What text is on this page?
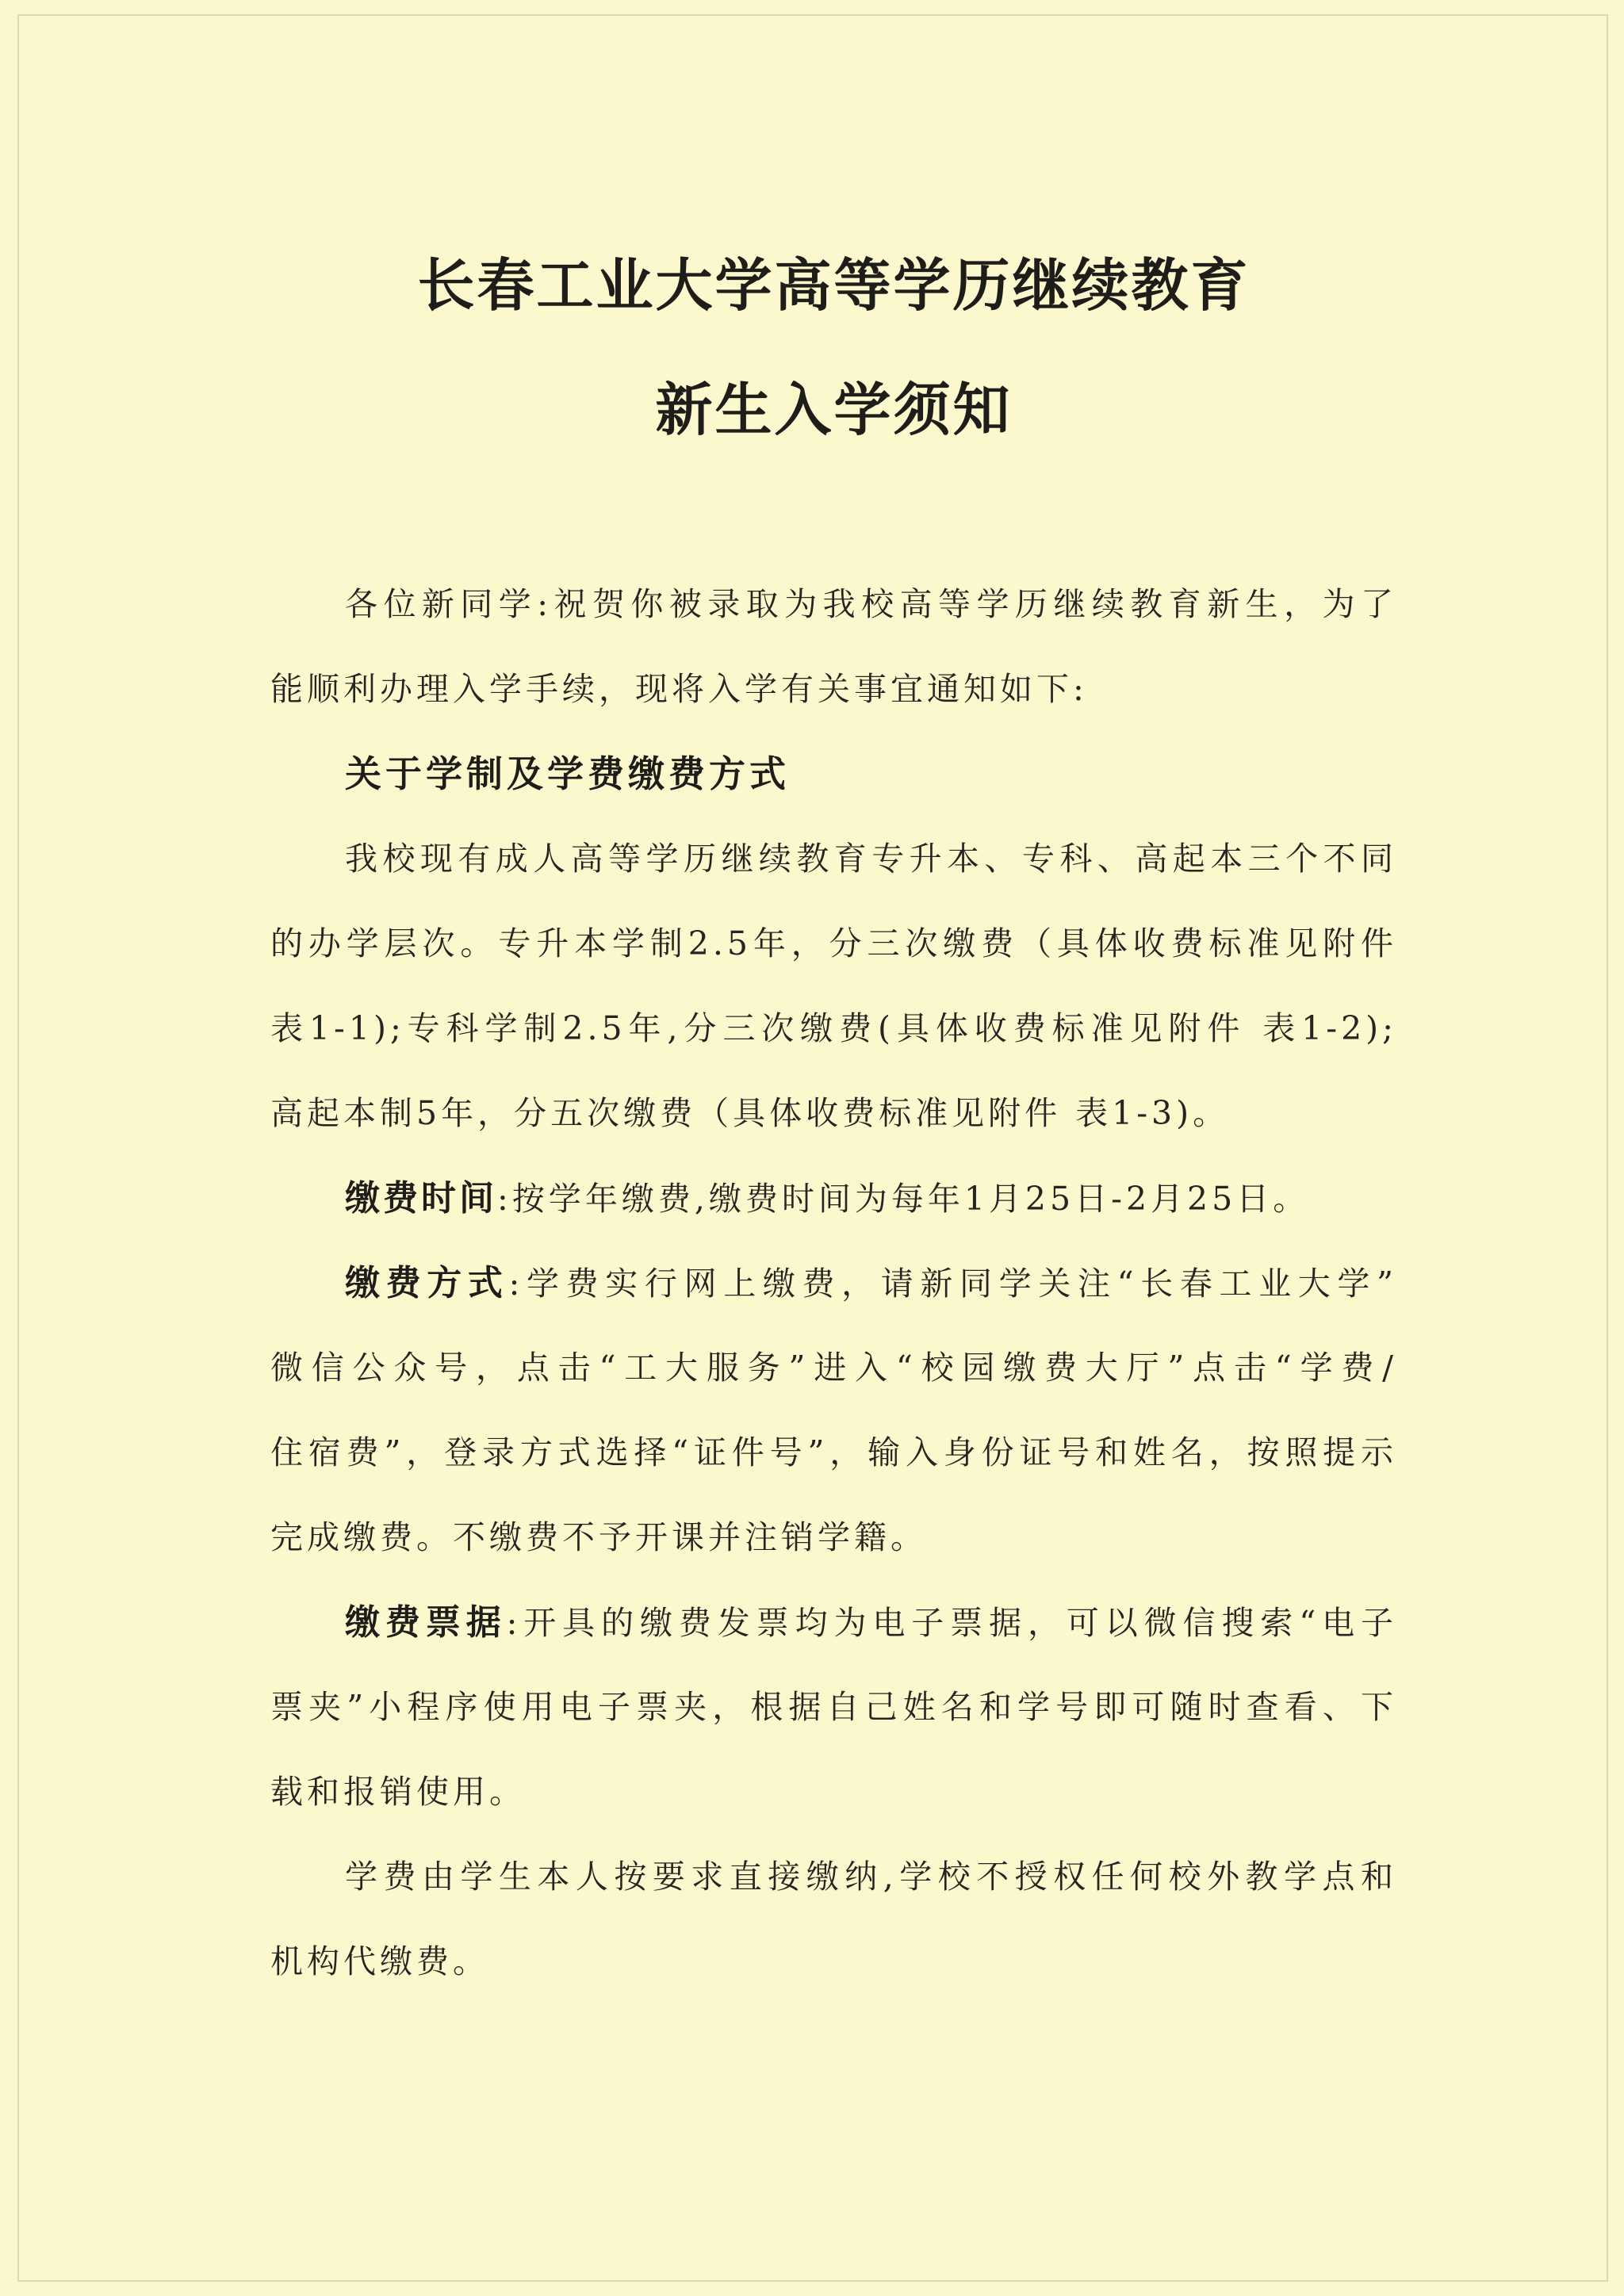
长春工业大学高等学历继续教育
新生入学须知
各位新同学:祝贺你被录取为我校高等学历继续教育新生，为了
能顺利办理入学手续，现将入学有关事宜通知如下:
关于学制及学费缴费方式
我校现有成人高等学历继续教育专升本、专科、高起本三个不同
的办学层次。专升本学制2.5年，分三次缴费（具体收费标准见附件
表1-1);专科学制2.5年,分三次缴费(具体收费标准见附件 表1-2);
高起本制5年，分五次缴费（具体收费标准见附件 表1-3)。
缴费时间:按学年缴费,缴费时间为每年1月25日-2月25日。
缴费方式:学费实行网上缴费，请新同学关注“长春工业大学”
微信公众号，点击“工大服务”进入“校园缴费大厅”点击“学费/
住宿费”，登录方式选择“证件号”，输入身份证号和姓名，按照提示
完成缴费。不缴费不予开课并注销学籍。
缴费票据:开具的缴费发票均为电子票据，可以微信搜索“电子
票夹”小程序使用电子票夹，根据自己姓名和学号即可随时查看、下
载和报销使用。
学费由学生本人按要求直接缴纳,学校不授权任何校外教学点和
机构代缴费。
